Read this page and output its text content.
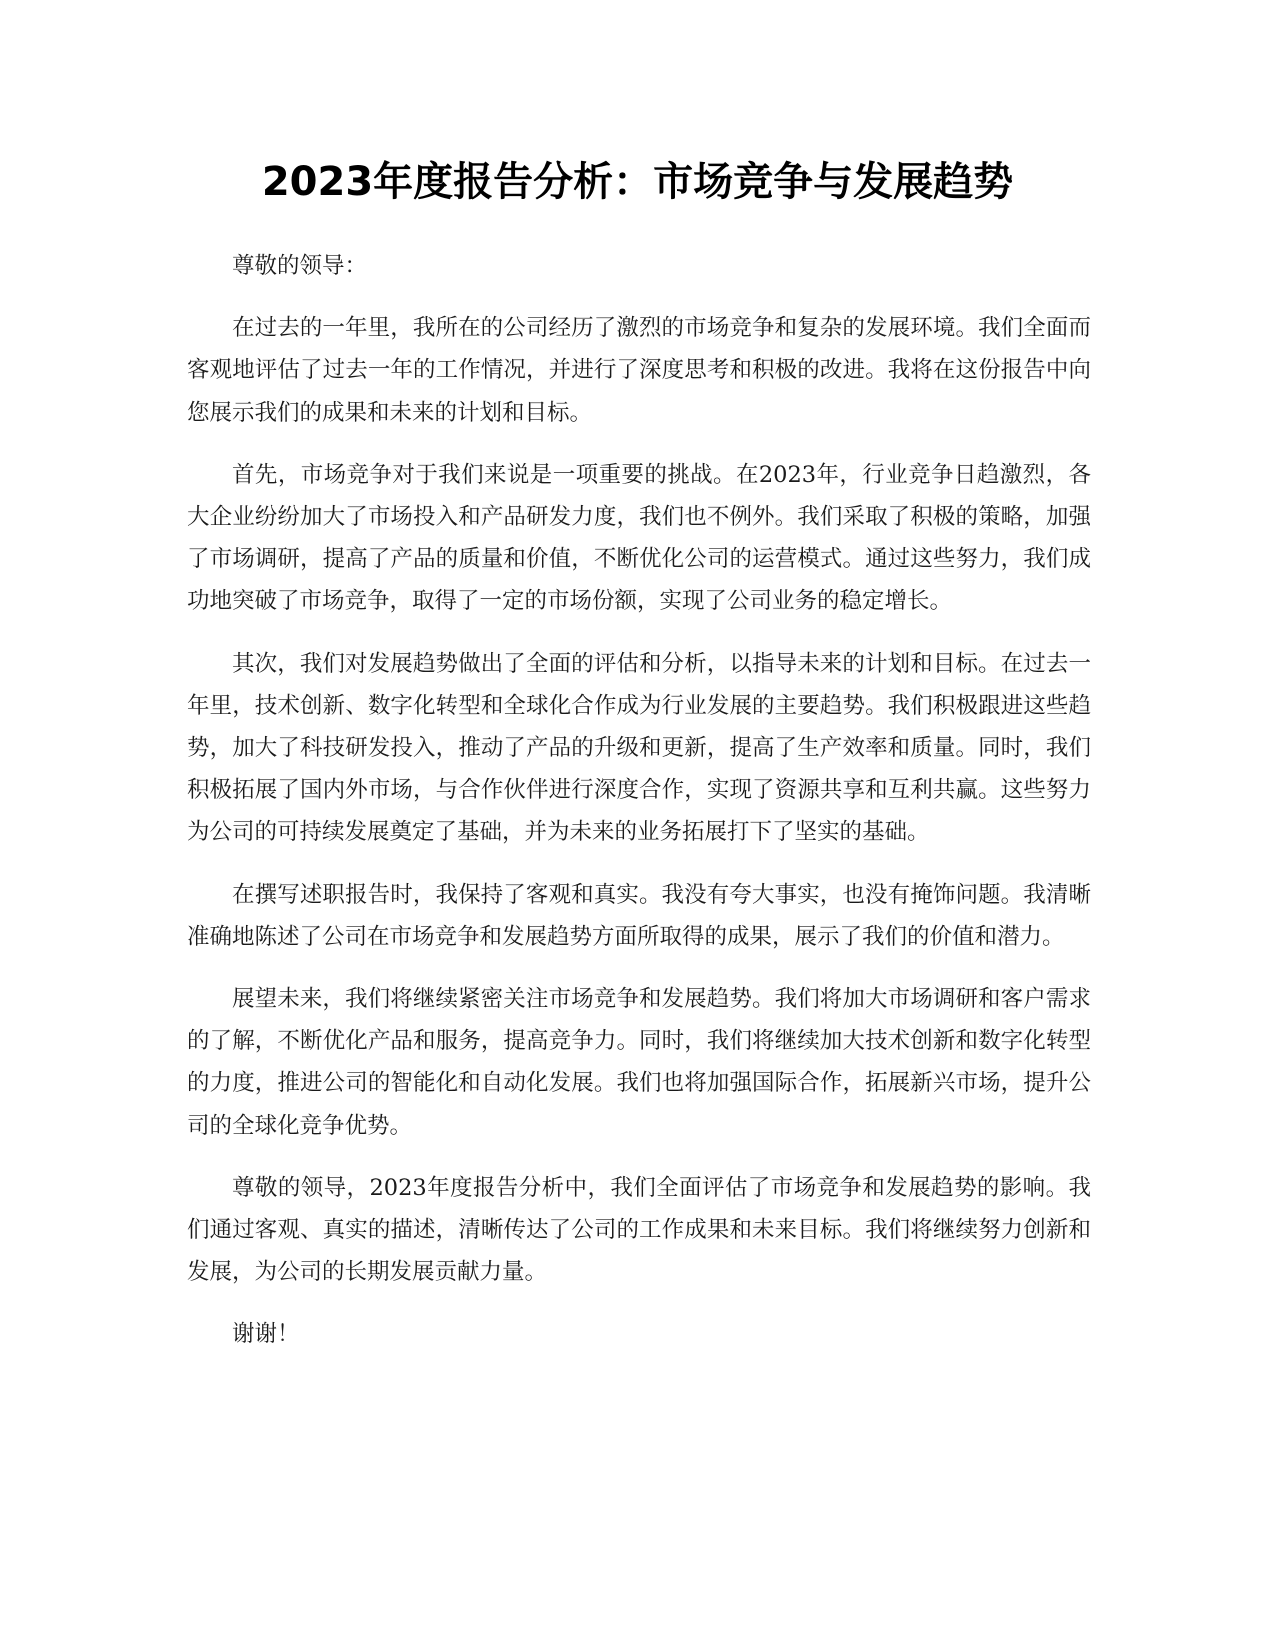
2023年度报告分析：市场竞争与发展趋势

尊敬的领导：

在过去的一年里，我所在的公司经历了激烈的市场竞争和复杂的发展环境。我们全面而客观地评估了过去一年的工作情况，并进行了深度思考和积极的改进。我将在这份报告中向您展示我们的成果和未来的计划和目标。

首先，市场竞争对于我们来说是一项重要的挑战。在2023年，行业竞争日趋激烈，各大企业纷纷加大了市场投入和产品研发力度，我们也不例外。我们采取了积极的策略，加强了市场调研，提高了产品的质量和价值，不断优化公司的运营模式。通过这些努力，我们成功地突破了市场竞争，取得了一定的市场份额，实现了公司业务的稳定增长。

其次，我们对发展趋势做出了全面的评估和分析，以指导未来的计划和目标。在过去一年里，技术创新、数字化转型和全球化合作成为行业发展的主要趋势。我们积极跟进这些趋势，加大了科技研发投入，推动了产品的升级和更新，提高了生产效率和质量。同时，我们积极拓展了国内外市场，与合作伙伴进行深度合作，实现了资源共享和互利共赢。这些努力为公司的可持续发展奠定了基础，并为未来的业务拓展打下了坚实的基础。

在撰写述职报告时，我保持了客观和真实。我没有夸大事实，也没有掩饰问题。我清晰准确地陈述了公司在市场竞争和发展趋势方面所取得的成果，展示了我们的价值和潜力。

展望未来，我们将继续紧密关注市场竞争和发展趋势。我们将加大市场调研和客户需求的了解，不断优化产品和服务，提高竞争力。同时，我们将继续加大技术创新和数字化转型的力度，推进公司的智能化和自动化发展。我们也将加强国际合作，拓展新兴市场，提升公司的全球化竞争优势。

尊敬的领导，2023年度报告分析中，我们全面评估了市场竞争和发展趋势的影响。我们通过客观、真实的描述，清晰传达了公司的工作成果和未来目标。我们将继续努力创新和发展，为公司的长期发展贡献力量。

谢谢！
